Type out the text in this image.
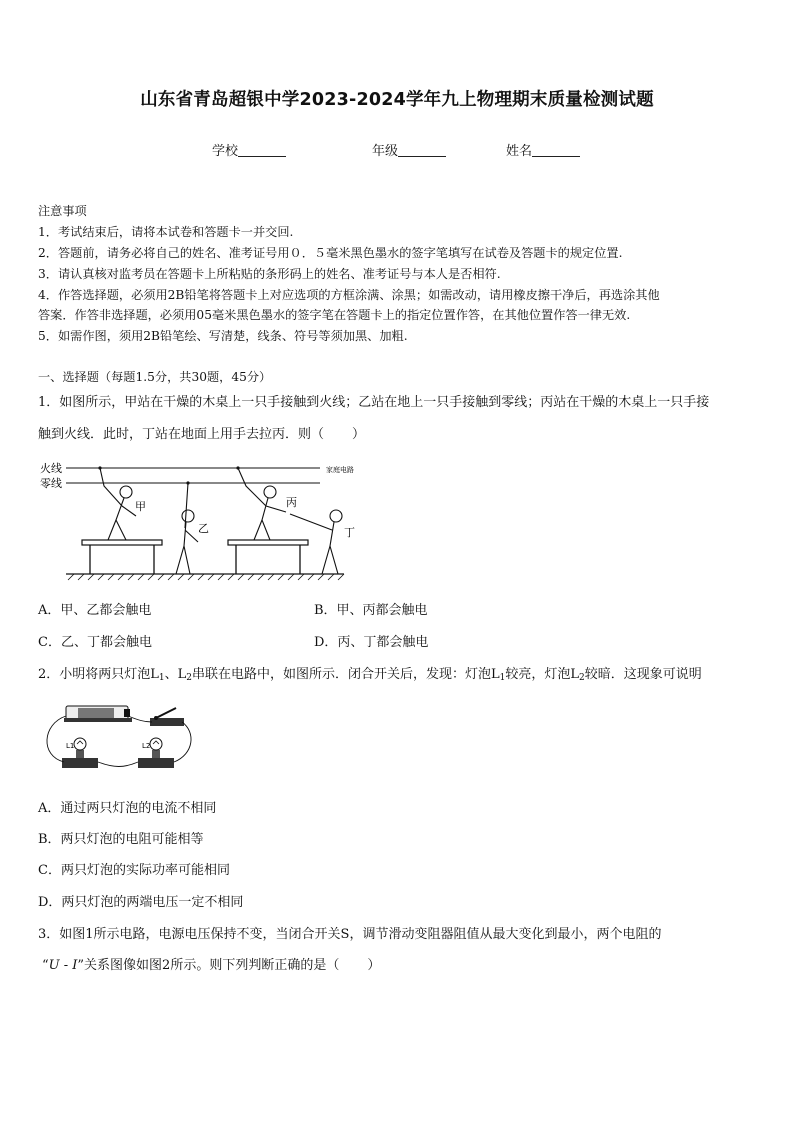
山东省青岛超银中学2023-2024学年九上物理期末质量检测试题
学校	年级	姓名
注意事项
1．考试结束后，请将本试卷和答题卡一并交回.
2．答题前，请务必将自己的姓名、准考证号用０．５毫米黑色墨水的签字笔填写在试卷及答题卡的规定位置.
3．请认真核对监考员在答题卡上所粘贴的条形码上的姓名、准考证号与本人是否相符.
4．作答选择题，必须用2B铅笔将答题卡上对应选项的方框涂满、涂黑；如需改动，请用橡皮擦干净后，再选涂其他
答案．作答非选择题，必须用05毫米黑色墨水的签字笔在答题卡上的指定位置作答，在其他位置作答一律无效.
5．如需作图，须用2B铅笔绘、写清楚，线条、符号等须加黑、加粗.
一、选择题（每题1.5分，共30题，45分）
1．如图所示，甲站在干燥的木桌上一只手接触到火线；乙站在地上一只手接触到零线；丙站在干燥的木桌上一只手接
触到火线．此时，丁站在地面上用手去拉丙．则（ ）
火线
零线
家庭电路
甲
乙
丙
丁
A．甲、乙都会触电	B．甲、丙都会触电
C．乙、丁都会触电	D．丙、丁都会触电
2．小明将两只灯泡$L_1$、$L_2$串联在电路中，如图所示．闭合开关后，发现：灯泡$L_1$较亮，灯泡$L_2$较暗．这现象可说明
L1	L2
A．通过两只灯泡的电流不相同
B．两只灯泡的电阻可能相等
C．两只灯泡的实际功率可能相同
D．两只灯泡的两端电压一定不相同
3．如图1所示电路，电源电压保持不变，当闭合开关S，调节滑动变阻器阻值从最大变化到最小，两个电阻的
“U - I”关系图像如图2所示。则下列判断正确的是（ ）
